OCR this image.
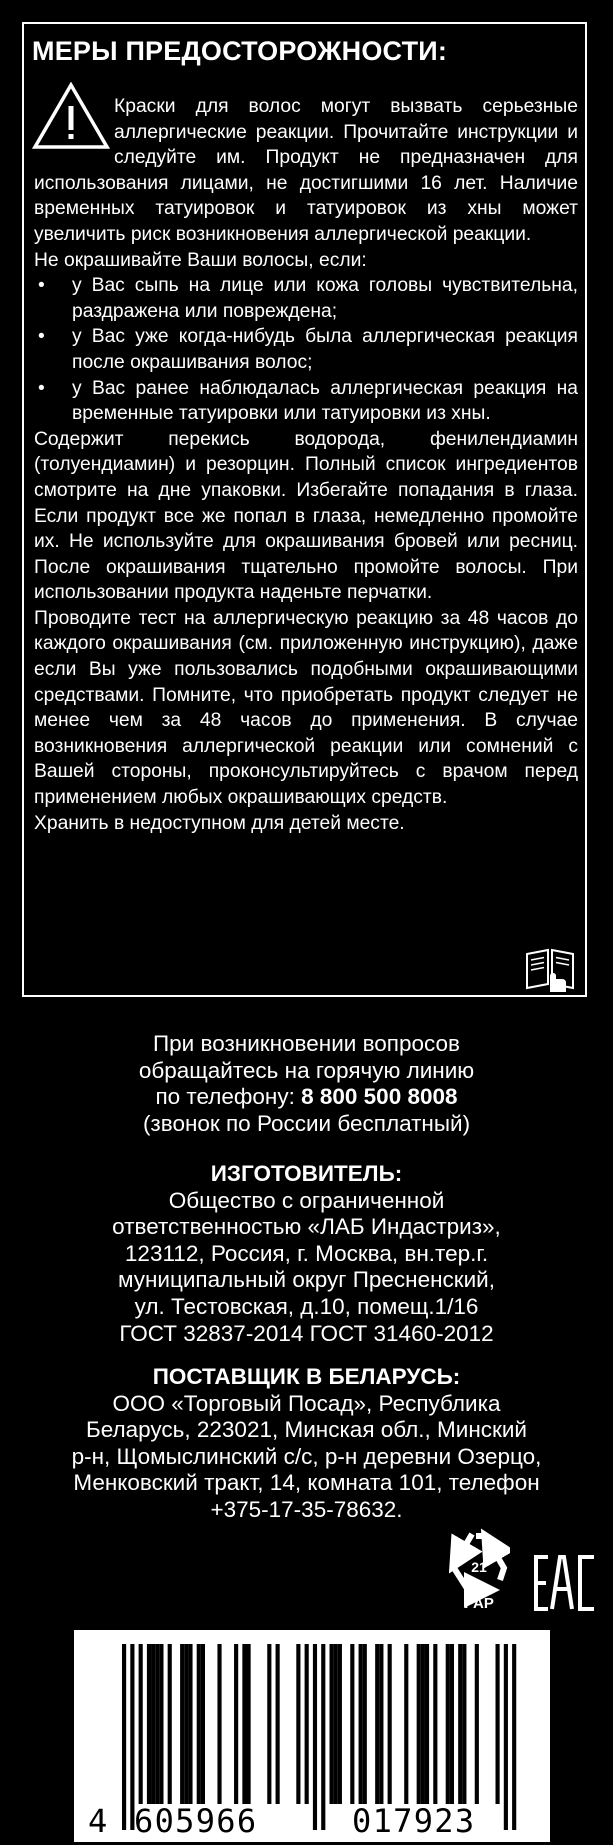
МЕРЫ ПРЕДОСТОРОЖНОСТИ:

Краски для волос могут вызвать серьезные аллергические реакции. Прочитайте инструкции и следуйте им. Продукт не предназначен для использования лицами, не достигшими 16 лет. Наличие временных татуировок и татуировок из хны может увеличить риск возникновения аллергической реакции.

Не окрашивайте Ваши волосы, если:

• у Вас сыпь на лице или кожа головы чувствительна, раздражена или повреждена;
• у Вас уже когда-нибудь была аллергическая реакция после окрашивания волос;
• у Вас ранее наблюдалась аллергическая реакция на временные татуировки или татуировки из хны.

Содержит перекись водорода, фенилендиамин (толуендиамин) и резорцин. Полный список ингредиентов смотрите на дне упаковки. Избегайте попадания в глаза. Если продукт все же попал в глаза, немедленно промойте их. Не используйте для окрашивания бровей или ресниц. После окрашивания тщательно промойте волосы. При использовании продукта наденьте перчатки.

Проводите тест на аллергическую реакцию за 48 часов до каждого окрашивания (см. приложенную инструкцию), даже если Вы уже пользовались подобными окрашивающими средствами. Помните, что приобретать продукт следует не менее чем за 48 часов до применения. В случае возникновения аллергической реакции или сомнений с Вашей стороны, проконсультируйтесь с врачом перед применением любых окрашивающих средств.

Хранить в недоступном для детей месте.

При возникновении вопросов
обращайтесь на горячую линию
по телефону: 8 800 500 8008
(звонок по России бесплатный)
ИЗГОТОВИТЕЛЬ:
Общество с ограниченной
ответственностью «ЛАБ Индастриз»,
123112, Россия, г. Москва, вн.тер.г.
муниципальный округ Пресненский,
ул. Тестовская, д.10, помещ.1/16
ГОСТ 32837-2014 ГОСТ 31460-2012
ПОСТАВЩИК В БЕЛАРУСЬ:
ООО «Торговый Посад», Республика
Беларусь, 223021, Минская обл., Минский
р-н, Щомыслинский с/с, р-н деревни Озерцо,
Менковский тракт, 14, комната 101, телефон
+375-17-35-78632.
21
PAP
4 605966	017923
